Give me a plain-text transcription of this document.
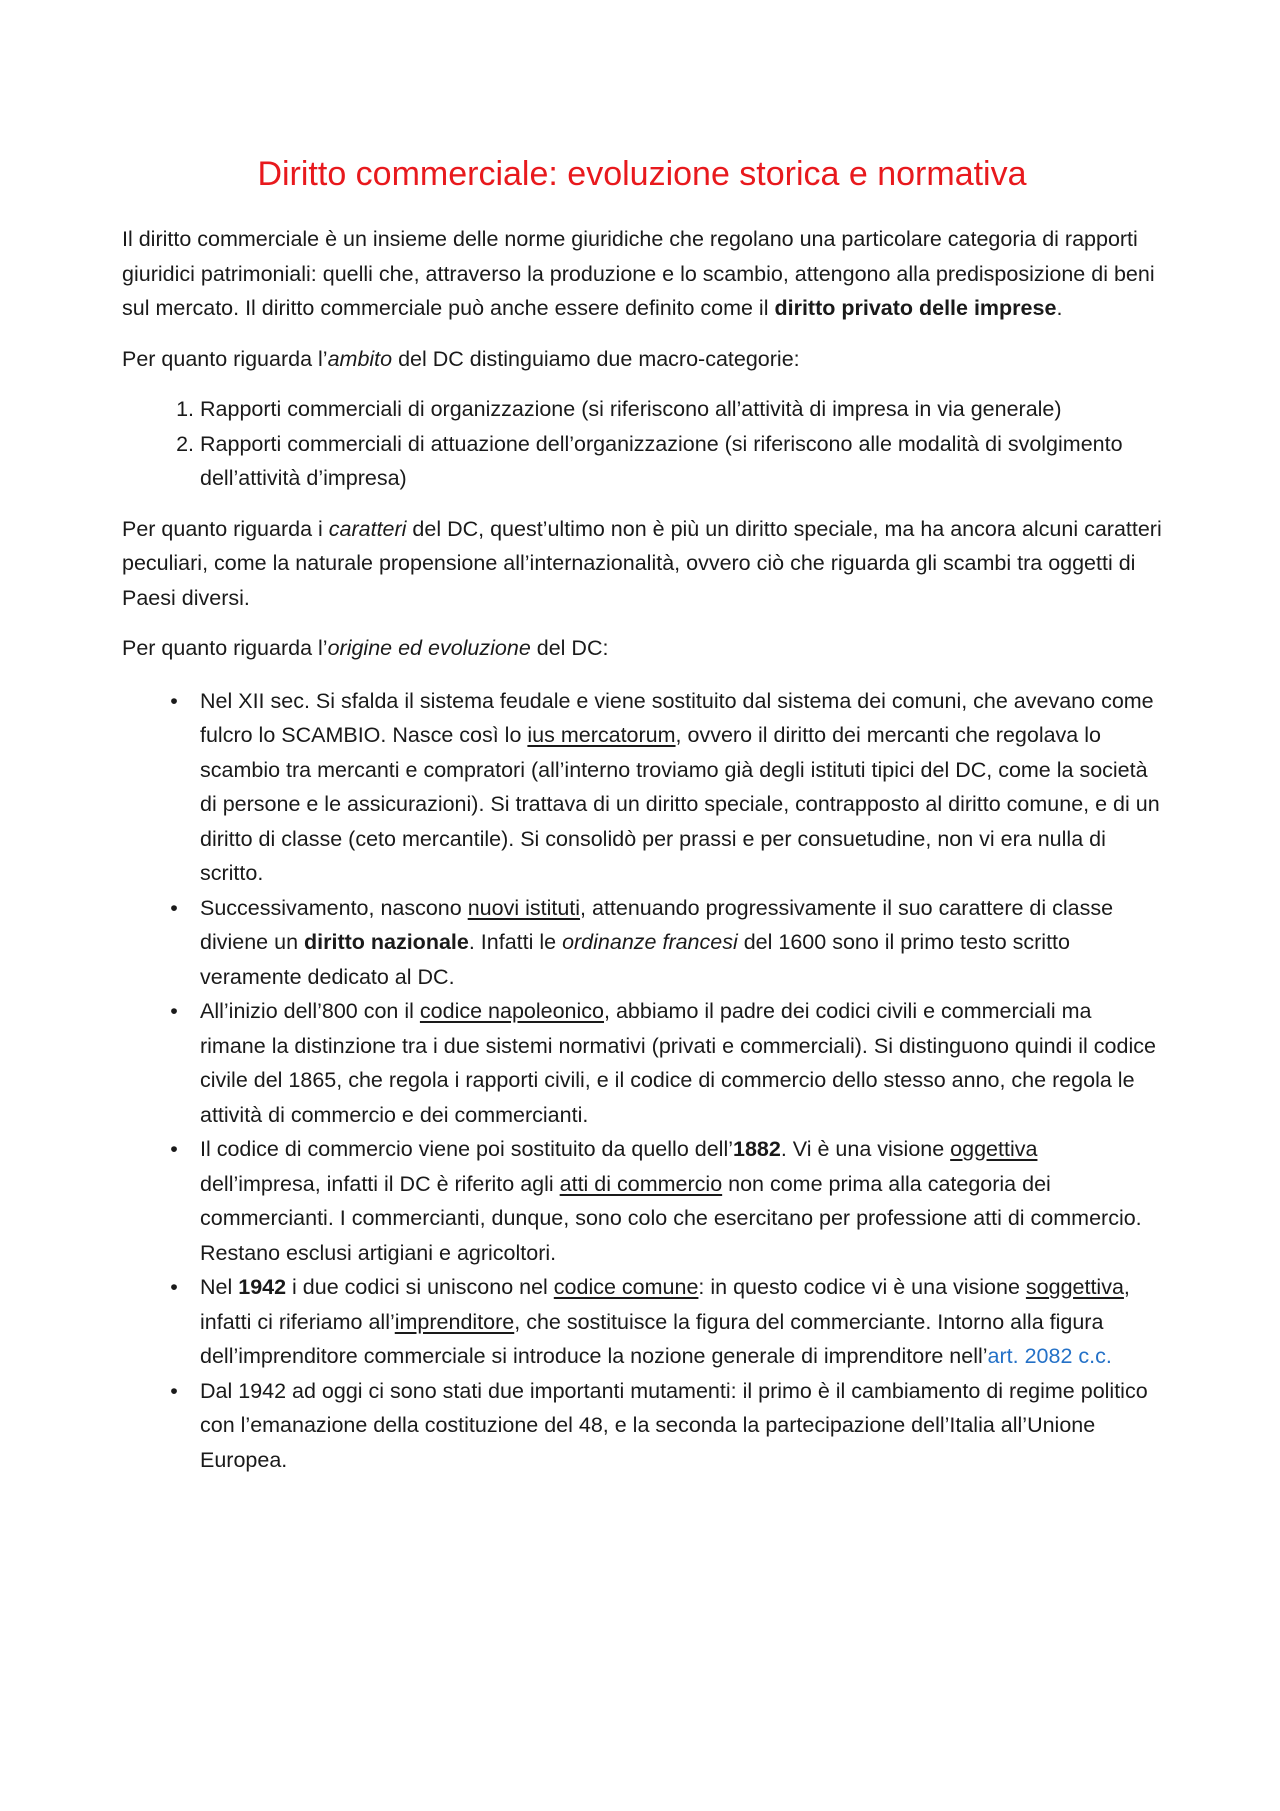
Diritto commerciale: evoluzione storica e normativa

Il diritto commerciale è un insieme delle norme giuridiche che regolano una particolare categoria di rapporti giuridici patrimoniali: quelli che, attraverso la produzione e lo scambio, attengono alla predisposizione di beni sul mercato. Il diritto commerciale può anche essere definito come il diritto privato delle imprese.

Per quanto riguarda l’ambito del DC distinguiamo due macro-categorie:

1. Rapporti commerciali di organizzazione (si riferiscono all’attività di impresa in via generale)
2. Rapporti commerciali di attuazione dell’organizzazione (si riferiscono alle modalità di svolgimento dell’attività d’impresa)

Per quanto riguarda i caratteri del DC, quest’ultimo non è più un diritto speciale, ma ha ancora alcuni caratteri peculiari, come la naturale propensione all’internazionalità, ovvero ciò che riguarda gli scambi tra oggetti di Paesi diversi.

Per quanto riguarda l’origine ed evoluzione del DC:

• Nel XII sec. Si sfalda il sistema feudale e viene sostituito dal sistema dei comuni, che avevano come fulcro lo SCAMBIO. Nasce così lo ius mercatorum, ovvero il diritto dei mercanti che regolava lo scambio tra mercanti e compratori (all’interno troviamo già degli istituti tipici del DC, come la società di persone e le assicurazioni). Si trattava di un diritto speciale, contrapposto al diritto comune, e di un diritto di classe (ceto mercantile). Si consolidò per prassi e per consuetudine, non vi era nulla di scritto.
• Successivamento, nascono nuovi istituti, attenuando progressivamente il suo carattere di classe diviene un diritto nazionale. Infatti le ordinanze francesi del 1600 sono il primo testo scritto veramente dedicato al DC.
• All’inizio dell’800 con il codice napoleonico, abbiamo il padre dei codici civili e commerciali ma rimane la distinzione tra i due sistemi normativi (privati e commerciali). Si distinguono quindi il codice civile del 1865, che regola i rapporti civili, e il codice di commercio dello stesso anno, che regola le attività di commercio e dei commercianti.
• Il codice di commercio viene poi sostituito da quello dell’1882. Vi è una visione oggettiva dell’impresa, infatti il DC è riferito agli atti di commercio non come prima alla categoria dei commercianti. I commercianti, dunque, sono colo che esercitano per professione atti di commercio. Restano esclusi artigiani e agricoltori.
• Nel 1942 i due codici si uniscono nel codice comune: in questo codice vi è una visione soggettiva, infatti ci riferiamo all’imprenditore, che sostituisce la figura del commerciante. Intorno alla figura dell’imprenditore commerciale si introduce la nozione generale di imprenditore nell’art. 2082 c.c.
• Dal 1942 ad oggi ci sono stati due importanti mutamenti: il primo è il cambiamento di regime politico con l’emanazione della costituzione del 48, e la seconda la partecipazione dell’Italia all’Unione Europea.
